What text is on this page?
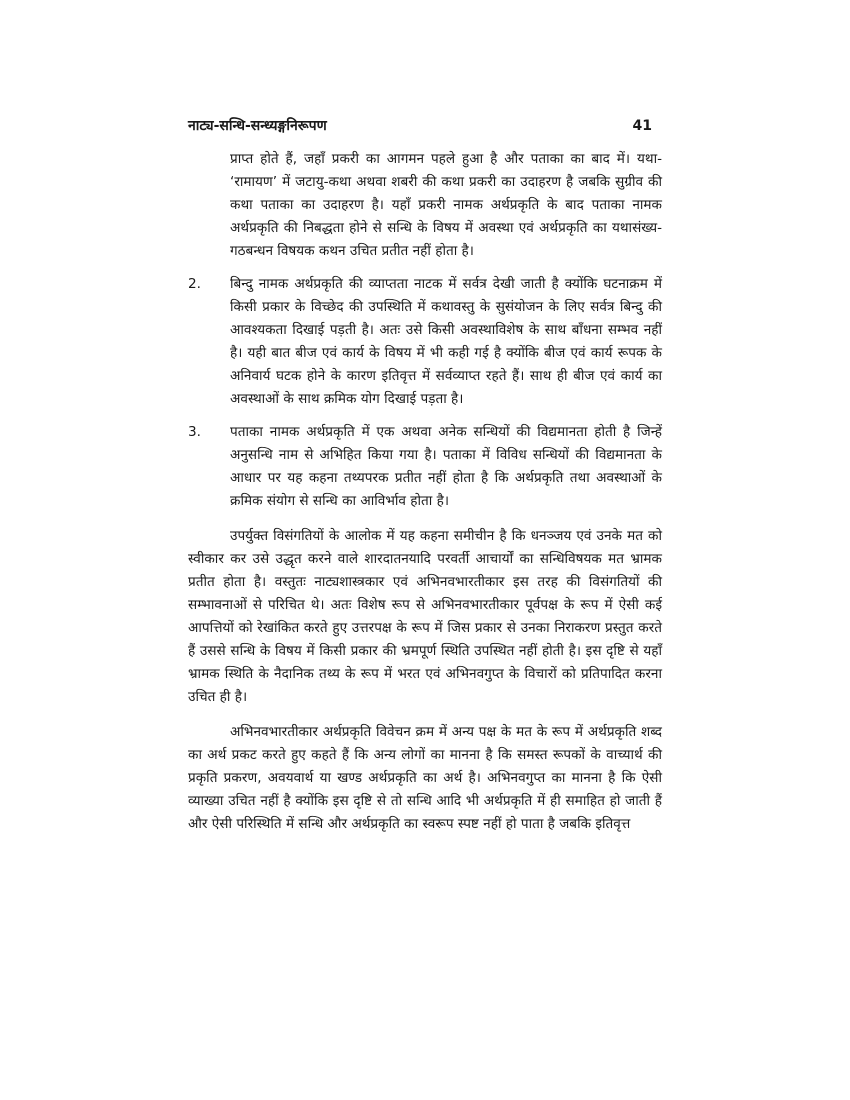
नाट्य-सन्धि-सन्ध्यङ्गनिरूपण	41

प्राप्त होते हैं, जहाँ प्रकरी का आगमन पहले हुआ है और पताका का बाद में। यथा- ‘रामायण’ में जटायु-कथा अथवा शबरी की कथा प्रकरी का उदाहरण है जबकि सुग्रीव की कथा पताका का उदाहरण है। यहाँ प्रकरी नामक अर्थप्रकृति के बाद पताका नामक अर्थप्रकृति की निबद्धता होने से सन्धि के विषय में अवस्था एवं अर्थप्रकृति का यथासंख्य-गठबन्धन विषयक कथन उचित प्रतीत नहीं होता है।

2.	बिन्दु नामक अर्थप्रकृति की व्याप्तता नाटक में सर्वत्र देखी जाती है क्योंकि घटनाक्रम में किसी प्रकार के विच्छेद की उपस्थिति में कथावस्तु के सुसंयोजन के लिए सर्वत्र बिन्दु की आवश्यकता दिखाई पड़ती है। अतः उसे किसी अवस्थाविशेष के साथ बाँधना सम्भव नहीं है। यही बात बीज एवं कार्य के विषय में भी कही गई है क्योंकि बीज एवं कार्य रूपक के अनिवार्य घटक होने के कारण इतिवृत्त में सर्वव्याप्त रहते हैं। साथ ही बीज एवं कार्य का अवस्थाओं के साथ क्रमिक योग दिखाई पड़ता है।

3.	पताका नामक अर्थप्रकृति में एक अथवा अनेक सन्धियों की विद्यमानता होती है जिन्हें अनुसन्धि नाम से अभिहित किया गया है। पताका में विविध सन्धियों की विद्यमानता के आधार पर यह कहना तथ्यपरक प्रतीत नहीं होता है कि अर्थप्रकृति तथा अवस्थाओं के क्रमिक संयोग से सन्धि का आविर्भाव होता है।

उपर्युक्त विसंगतियों के आलोक में यह कहना समीचीन है कि धनञ्जय एवं उनके मत को स्वीकार कर उसे उद्धृत करने वाले शारदातनयादि परवर्ती आचार्यों का सन्धिविषयक मत भ्रामक प्रतीत होता है। वस्तुतः नाट्यशास्त्रकार एवं अभिनवभारतीकार इस तरह की विसंगतियों की सम्भावनाओं से परिचित थे। अतः विशेष रूप से अभिनवभारतीकार पूर्वपक्ष के रूप में ऐसी कई आपत्तियों को रेखांकित करते हुए उत्तरपक्ष के रूप में जिस प्रकार से उनका निराकरण प्रस्तुत करते हैं उससे सन्धि के विषय में किसी प्रकार की भ्रमपूर्ण स्थिति उपस्थित नहीं होती है। इस दृष्टि से यहाँ भ्रामक स्थिति के नैदानिक तथ्य के रूप में भरत एवं अभिनवगुप्त के विचारों को प्रतिपादित करना उचित ही है।

अभिनवभारतीकार अर्थप्रकृति विवेचन क्रम में अन्य पक्ष के मत के रूप में अर्थप्रकृति शब्द का अर्थ प्रकट करते हुए कहते हैं कि अन्य लोगों का मानना है कि समस्त रूपकों के वाच्यार्थ की प्रकृति प्रकरण, अवयवार्थ या खण्ड अर्थप्रकृति का अर्थ है। अभिनवगुप्त का मानना है कि ऐसी व्याख्या उचित नहीं है क्योंकि इस दृष्टि से तो सन्धि आदि भी अर्थप्रकृति में ही समाहित हो जाती हैं और ऐसी परिस्थिति में सन्धि और अर्थप्रकृति का स्वरूप स्पष्ट नहीं हो पाता है जबकि इतिवृत्त
